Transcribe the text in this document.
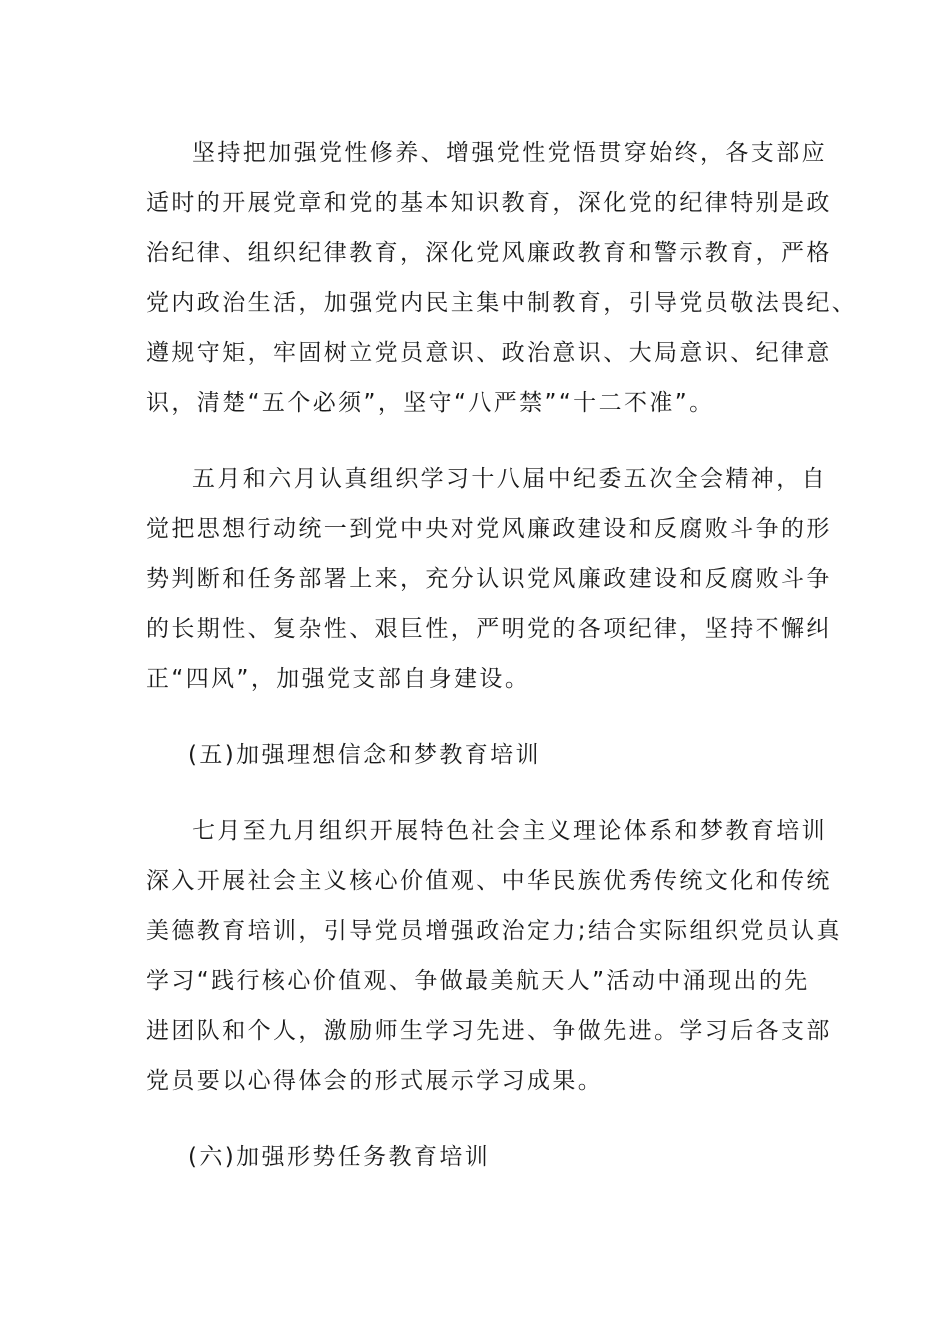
坚持把加强党性修养、增强党性党悟贯穿始终，各支部应
适时的开展党章和党的基本知识教育，深化党的纪律特别是政
治纪律、组织纪律教育，深化党风廉政教育和警示教育，严格
党内政治生活，加强党内民主集中制教育，引导党员敬法畏纪、
遵规守矩，牢固树立党员意识、政治意识、大局意识、纪律意
识，清楚“五个必须”，坚守“八严禁”“十二不准”。
五月和六月认真组织学习十八届中纪委五次全会精神，自
觉把思想行动统一到党中央对党风廉政建设和反腐败斗争的形
势判断和任务部署上来，充分认识党风廉政建设和反腐败斗争
的长期性、复杂性、艰巨性，严明党的各项纪律，坚持不懈纠
正“四风”，加强党支部自身建设。
(五)加强理想信念和梦教育培训
七月至九月组织开展特色社会主义理论体系和梦教育培训
深入开展社会主义核心价值观、中华民族优秀传统文化和传统
美德教育培训，引导党员增强政治定力;结合实际组织党员认真
学习“践行核心价值观、争做最美航天人”活动中涌现出的先
进团队和个人，激励师生学习先进、争做先进。学习后各支部
党员要以心得体会的形式展示学习成果。
(六)加强形势任务教育培训
